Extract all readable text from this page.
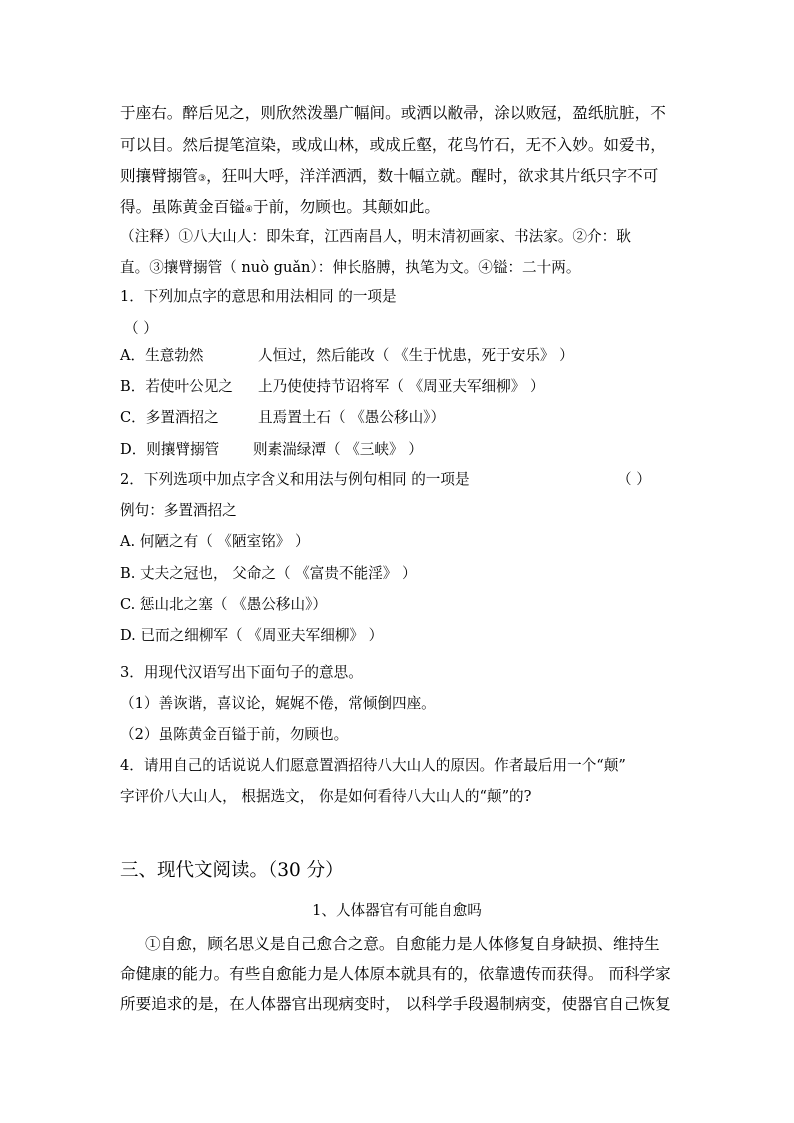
于座右。醉后见之，则欣然泼墨广幅间。或洒以敝帚，涂以败冠，盈纸肮脏，不
可以目。然后提笔渲染，或成山林，或成丘壑，花鸟竹石，无不入妙。如爱书，
则攘臂搦管③，狂叫大呼，洋洋洒洒，数十幅立就。醒时，欲求其片纸只字不可
得。虽陈黄金百镒④于前，勿顾也。其颠如此。
（注释）①八大山人：即朱耷，江西南昌人，明末清初画家、书法家。②介：耿
直。③攘臂搦管（ nuò guǎn）：伸长胳膊，执笔为文。④镒：二十两。
1．下列加点字的意思和用法相同 的一项是
（ ）
A．生意勃然	人恒过，然后能改（ 《生于忧患，死于安乐》 ）
B．若使叶公见之 上乃使使持节诏将军（ 《周亚夫军细柳》 ）
C．多置酒招之	且焉置土石（ 《愚公移山》）
D．则攘臂搦管 则素湍绿潭（ 《三峡》 ）
2．下列选项中加点字含义和用法与例句相同 的一项是	（ ）
例句：多置酒招之
A. 何陋之有（ 《陋室铭》 ）
B. 丈夫之冠也， 父命之（ 《富贵不能淫》 ）
C. 惩山北之塞（ 《愚公移山》）
D. 已而之细柳军（ 《周亚夫军细柳》 ）
3．用现代汉语写出下面句子的意思。
（1）善诙谐，喜议论，娓娓不倦，常倾倒四座。
（2）虽陈黄金百镒于前，勿顾也。
4．请用自己的话说说人们愿意置酒招待八大山人的原因。作者最后用一个“颠”
字评价八大山人， 根据选文， 你是如何看待八大山人的“颠”的?
三、现代文阅读。（30 分）
1、人体器官有可能自愈吗
①自愈，顾名思义是自己愈合之意。自愈能力是人体修复自身缺损、维持生
命健康的能力。有些自愈能力是人体原本就具有的，依靠遗传而获得。 而科学家
所要追求的是，在人体器官出现病变时， 以科学手段遏制病变，使器官自己恢复
